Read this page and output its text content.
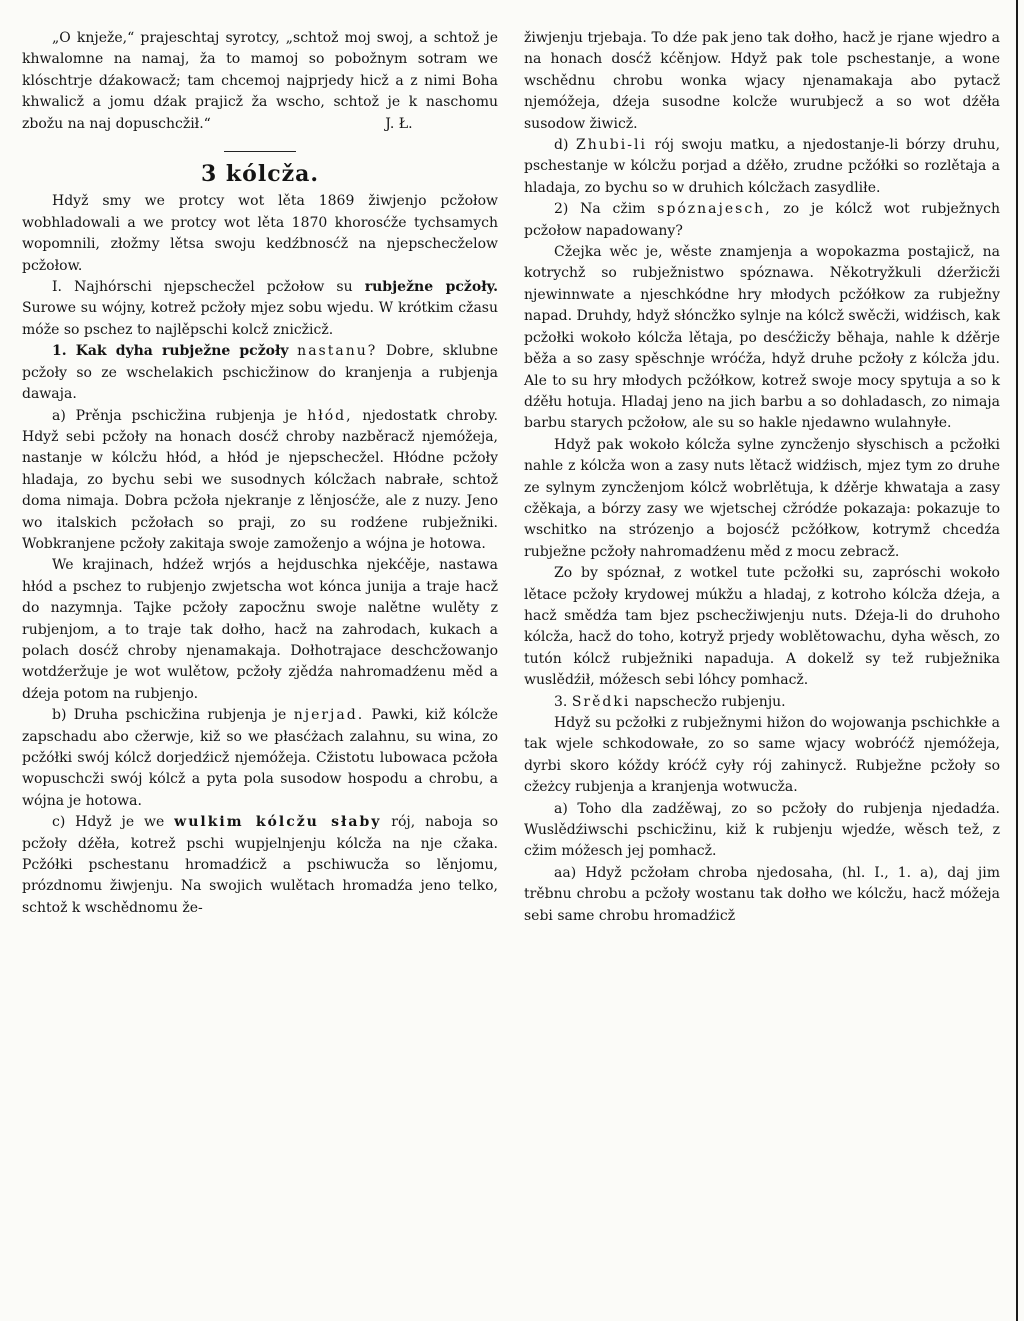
„O knježe,“ prajeschtaj syrotcy, „schtož moj swoj, a schtož je khwalomne na namaj, ža to mamoj so pobožnym sotram we klóschtrje dźakowacž; tam chcemoj najprjedy hicž a z nimi Boha khwalicž a jomu dźak prajicž ža wscho, schtož je k naschomu zbožu na naj dopuschcžił.“	J. Ł.

3 kólcža.

Hdyž smy we protcy wot lěta 1869 žiwjenjo pcžołow wobhladowali a we protcy wot lěta 1870 khorosćže tychsamych wopomnili, złožmy lětsa swoju kedźbnosćž na njepschecželow pcžołow.

I. Najhórschi njepschecžel pcžołow su rubježne pcžoły. Surowe su wójny, kotrež pcžoły mjez sobu wjedu. W krótkim cžasu móže so pschez to najlěpschi kolcž znicžicž.

1. Kak dyha rubježne pcžoły nastanu? Dobre, sklubne pcžoły so ze wschelakich pschicžinow do kranjenja a rubjenja dawaja.

a) Prěnja pschicžina rubjenja je hłód, njedostatk chroby. Hdyž sebi pcžoły na honach dosćž chroby nazběracž njemóžeja, nastanje w kólcžu hłód, a hłód je njepschecžel. Hłódne pcžoły hladaja, zo bychu sebi we susodnych kólcžach nabrałe, schtož doma nimaja. Dobra pcžoła njekranje z lěnjosćže, ale z nuzy. Jeno wo italskich pcžołach so praji, zo su rodźene rubježniki. Wobkranjene pcžoły zakitaja swoje zamoženjo a wójna je hotowa.

We krajinach, hdźež wrjós a hejduschka njekćěje, nastawa hłód a pschez to rubjenjo zwjetscha wot kónca junija a traje hacž do nazymnja. Tajke pcžoły zapocžnu swoje nalětne wulěty z rubjenjom, a to traje tak dołho, hacž na zahrodach, kukach a polach dosćž chroby njenamakaja. Dołhotrajace deschcžowanjo wotdźeržuje je wot wulětow, pcžoły zjědźa nahromadźenu měd a dźeja potom na rubjenjo.

b) Druha pschicžina rubjenja je njerjad. Pawki, kiž kólcže zapschadu abo cžerwje, kiž so we płasćżach zalahnu, su wina, zo pcžółki swój kólcž dorjedźicž njemóžeja. Cžistotu lubowaca pcžoła wopuschcži swój kólcž a pyta pola susodow hospodu a chrobu, a wójna je hotowa.

c) Hdyž je we wulkim kólcžu słaby rój, naboja so pcžoły dźěła, kotrež pschi wupjelnjenju kólcža na nje cžaka. Pcžółki pschestanu hromadźicž a pschiwucža so lěnjomu, prózdnomu žiwjenju. Na swojich wulětach hromadźa jeno telko, schtož k wschědnomu že-

žiwjenju trjebaja. To dźe pak jeno tak dołho, hacž je rjane wjedro a na honach dosćž kćěnjow. Hdyž pak tole pschestanje, a wone wschědnu chrobu wonka wjacy njenamakaja abo pytacž njemóžeja, dźeja susodne kolcže wurubjecž a so wot dźěła susodow žiwicž.

d) Zhubi-li rój swoju matku, a njedostanje-li bórzy druhu, pschestanje w kólcžu porjad a dźěło, zrudne pcžółki so rozlětaja a hladaja, zo bychu so w druhich kólcžach zasydliłe.

2) Na cžim spóznajesch, zo je kólcž wot rubježnych pcžołow napadowany?

Cžejka wěc je, wěste znamjenja a wopokazma postajicž, na kotrychž so rubježnistwo spóznawa. Někotryžkuli dźeržicži njewinnwate a njeschkódne hry młodych pcžółkow za rubježny napad. Druhdy, hdyž słóncžko sylnje na kólcž swěcži, widźisch, kak pcžołki wokoło kólcža lětaja, po desćžicžy běhaja, nahle k dźěrje běža a so zasy spěschnje wróćža, hdyž druhe pcžoły z kólcža jdu. Ale to su hry młodych pcžółkow, kotrež swoje mocy spytuja a so k dźěłu hotuja. Hladaj jeno na jich barbu a so dohladasch, zo nimaja barbu starych pcžołow, ale su so hakle njedawno wulahnyłe.

Hdyž pak wokoło kólcža sylne zyncženjo słyschisch a pcžołki nahle z kólcža won a zasy nuts lětacž widźisch, mjez tym zo druhe ze sylnym zyncženjom kólcž wobrlětuja, k dźěrje khwataja a zasy cžěkaja, a bórzy zasy we wjetschej cžródźe pokazaja: pokazuje to wschitko na strózenjo a bojosćž pcžółkow, kotrymž chcedźa rubježne pcžoły nahromadźenu měd z mocu zebracž.

Zo by spóznał, z wotkel tute pcžołki su, zapróschi wokoło lětace pcžoły krydowej múkžu a hladaj, z kotroho kólcža dźeja, a hacž smědźa tam bjez pschecžiwjenju nuts. Dźeja-li do druhoho kólcža, hacž do toho, kotryž prjedy woblětowachu, dyha wěsch, zo tutón kólcž rubježniki napaduja. A dokelž sy tež rubježnika wuslědźił, móžesch sebi lóhcy pomhacž.

3. Srědki napschecžo rubjenju.

Hdyž su pcžołki z rubježnymi hižon do wojowanja pschichkłe a tak wjele schkodowałe, zo so same wjacy wobróćž njemóžeja, dyrbi skoro kóždy króćž cyły rój zahinycž. Rubježne pcžoły so cžeżcy rubjenja a kranjenja wotwucža.

a) Toho dla zadźěwaj, zo so pcžoły do rubjenja njedadźa. Wuslědźiwschi pschicžinu, kiž k rubjenju wjedźe, wěsch tež, z cžim móžesch jej pomhacž.

aa) Hdyž pcžołam chroba njedosaha, (hl. I., 1. a), daj jim trěbnu chrobu a pcžoły wostanu tak dołho we kólcžu, hacž móžeja sebi same chrobu hromadźicž
